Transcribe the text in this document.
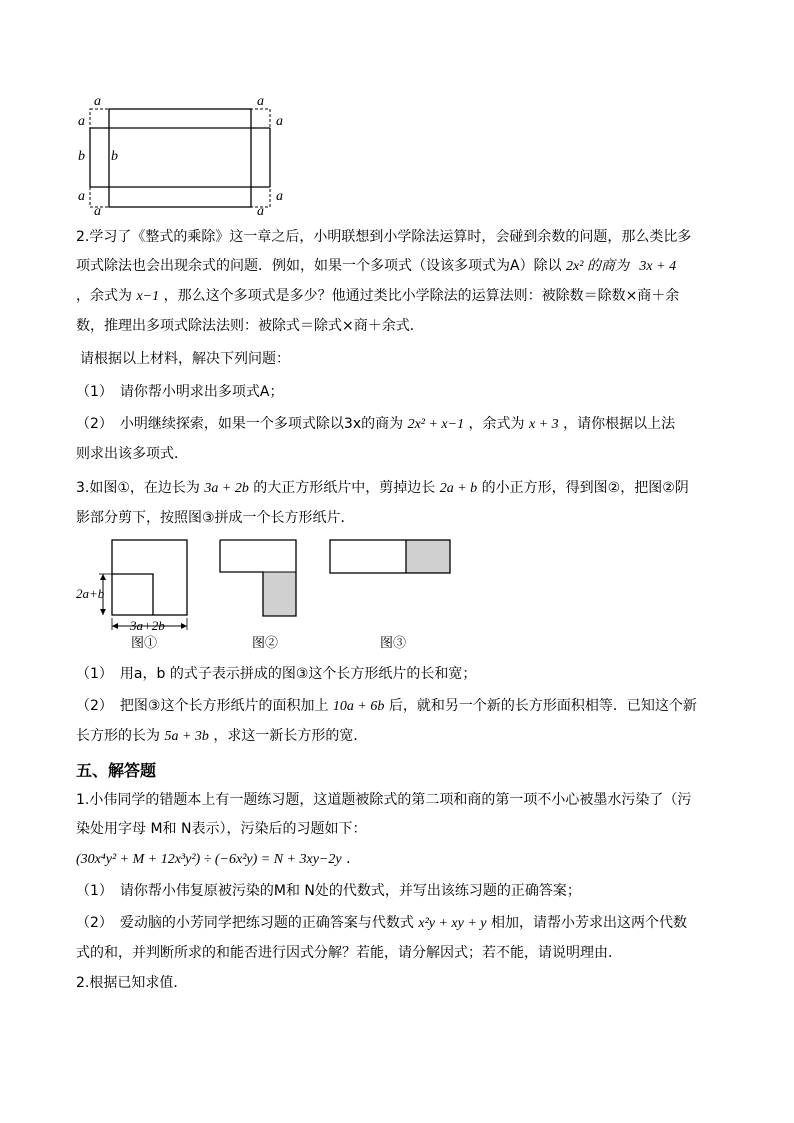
a	a
a	a
b b
a	a
a	a
2.学习了《整式的乘除》这一章之后，小明联想到小学除法运算时，会碰到余数的问题，那么类比多
项式除法也会出现余式的问题．例如，如果一个多项式（设该多项式为A）除以 2x² 的商为 3x + 4
，余式为 x−1 ，那么这个多项式是多少？他通过类比小学除法的运算法则：被除数＝除数×商＋余
数，推理出多项式除法法则：被除式＝除式×商＋余式．
请根据以上材料，解决下列问题：
（1）　请你帮小明求出多项式A；
（2）　小明继续探索，如果一个多项式除以3x的商为 2x² + x−1 ，余式为 x + 3 ，请你根据以上法
则求出该多项式．
3.如图①，在边长为 3a + 2b 的大正方形纸片中，剪掉边长 2a + b 的小正方形，得到图②，把图②阴
影部分剪下，按照图③拼成一个长方形纸片．
2a+b
3a+2b
图①	图②	图③
（1）　用a，b 的式子表示拼成的图③这个长方形纸片的长和宽；
（2）　把图③这个长方形纸片的面积加上 10a + 6b 后，就和另一个新的长方形面积相等．已知这个新
长方形的长为 5a + 3b ，求这一新长方形的宽．
五、解答题
1.小伟同学的错题本上有一题练习题，这道题被除式的第二项和商的第一项不小心被墨水污染了（污
染处用字母 M和 N表示），污染后的习题如下：
(30x⁴y² + M + 12x³y²) ÷ (−6x²y) = N + 3xy−2y ．
（1）　请你帮小伟复原被污染的M和 N处的代数式，并写出该练习题的正确答案；
（2）　爱动脑的小芳同学把练习题的正确答案与代数式 x²y + xy + y 相加，请帮小芳求出这两个代数
式的和，并判断所求的和能否进行因式分解？若能，请分解因式；若不能，请说明理由．
2.根据已知求值．
